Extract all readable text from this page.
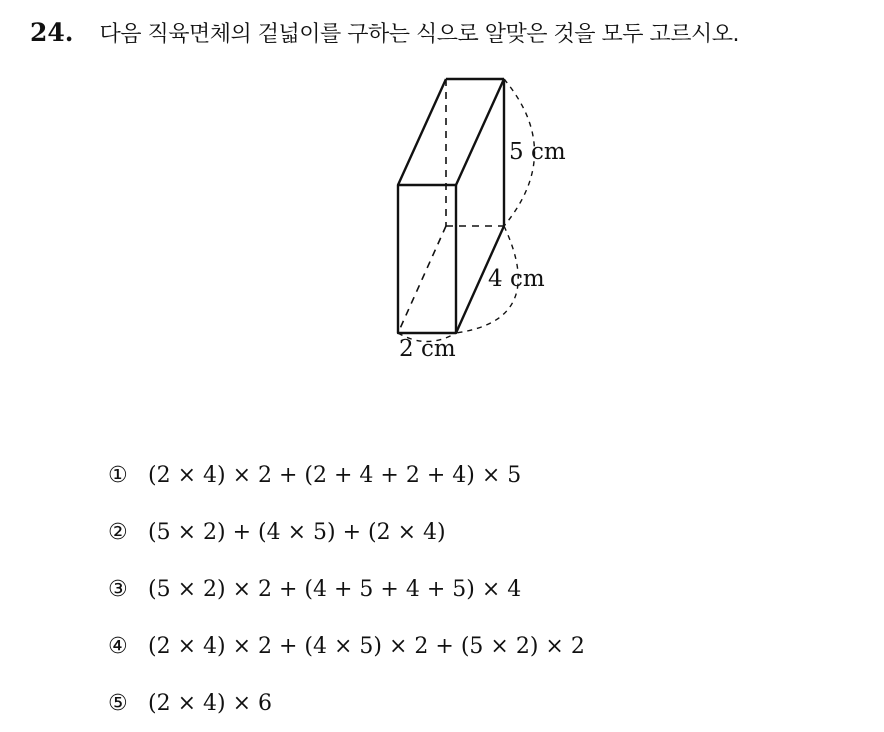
24. 다음 직육면체의 겉넓이를 구하는 식으로 알맞은 것을 모두 고르시오.
5 cm
4 cm
2 cm
① (2 × 4) × 2 + (2 + 4 + 2 + 4) × 5
② (5 × 2) + (4 × 5) + (2 × 4)
③ (5 × 2) × 2 + (4 + 5 + 4 + 5) × 4
④ (2 × 4) × 2 + (4 × 5) × 2 + (5 × 2) × 2
⑤ (2 × 4) × 6
